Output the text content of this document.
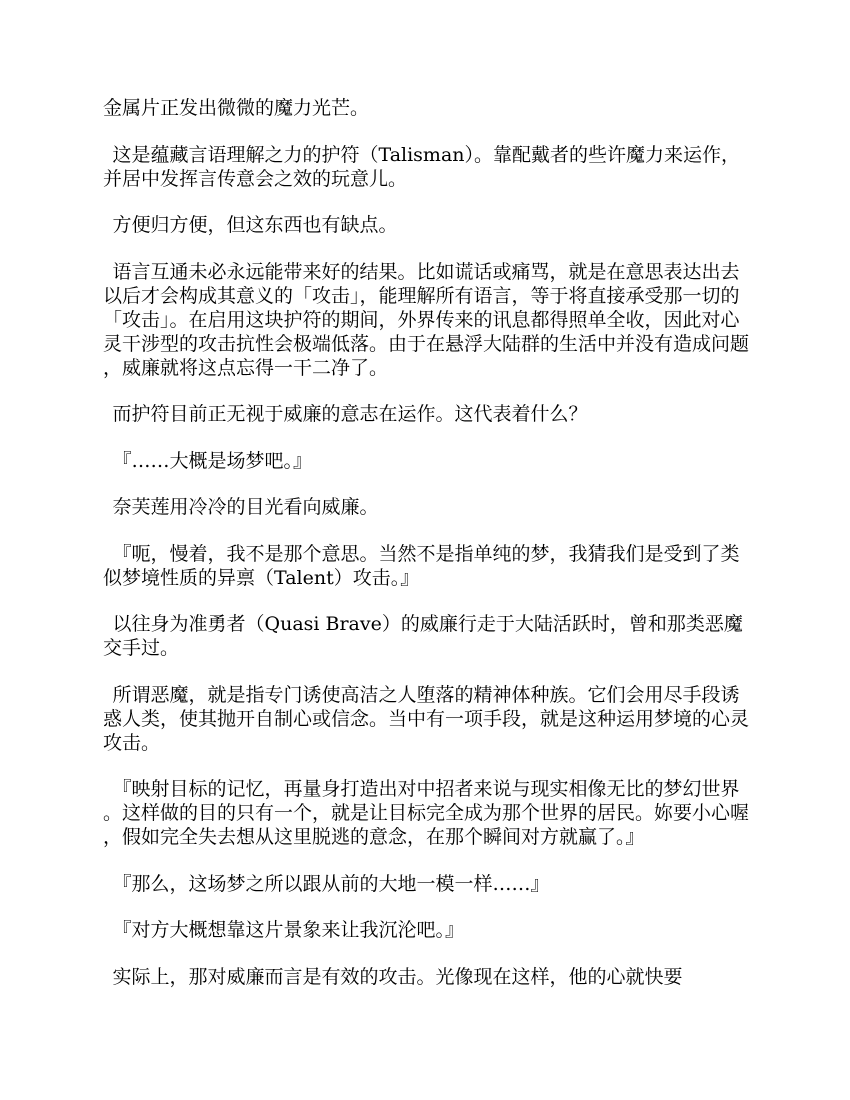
金属片正发出微微的魔力光芒。

这是蕴藏言语理解之力的护符（Talisman）。靠配戴者的些许魔力来运作，并居中发挥言传意会之效的玩意儿。

方便归方便，但这东西也有缺点。

语言互通未必永远能带来好的结果。比如谎话或痛骂，就是在意思表达出去以后才会构成其意义的「攻击」，能理解所有语言，等于将直接承受那一切的「攻击」。在启用这块护符的期间，外界传来的讯息都得照单全收，因此对心灵干涉型的攻击抗性会极端低落。由于在悬浮大陆群的生活中并没有造成问题，威廉就将这点忘得一干二净了。

而护符目前正无视于威廉的意志在运作。这代表着什么？

『……大概是场梦吧。』

奈芙莲用冷冷的目光看向威廉。

『呃，慢着，我不是那个意思。当然不是指单纯的梦，我猜我们是受到了类似梦境性质的异禀（Talent）攻击。』

以往身为准勇者（Quasi Brave）的威廉行走于大陆活跃时，曾和那类恶魔交手过。

所谓恶魔，就是指专门诱使高洁之人堕落的精神体种族。它们会用尽手段诱惑人类，使其抛开自制心或信念。当中有一项手段，就是这种运用梦境的心灵攻击。

『映射目标的记忆，再量身打造出对中招者来说与现实相像无比的梦幻世界。这样做的目的只有一个，就是让目标完全成为那个世界的居民。妳要小心喔，假如完全失去想从这里脱逃的意念，在那个瞬间对方就赢了。』

『那么，这场梦之所以跟从前的大地一模一样……』

『对方大概想靠这片景象来让我沉沦吧。』

实际上，那对威廉而言是有效的攻击。光像现在这样，他的心就快要
